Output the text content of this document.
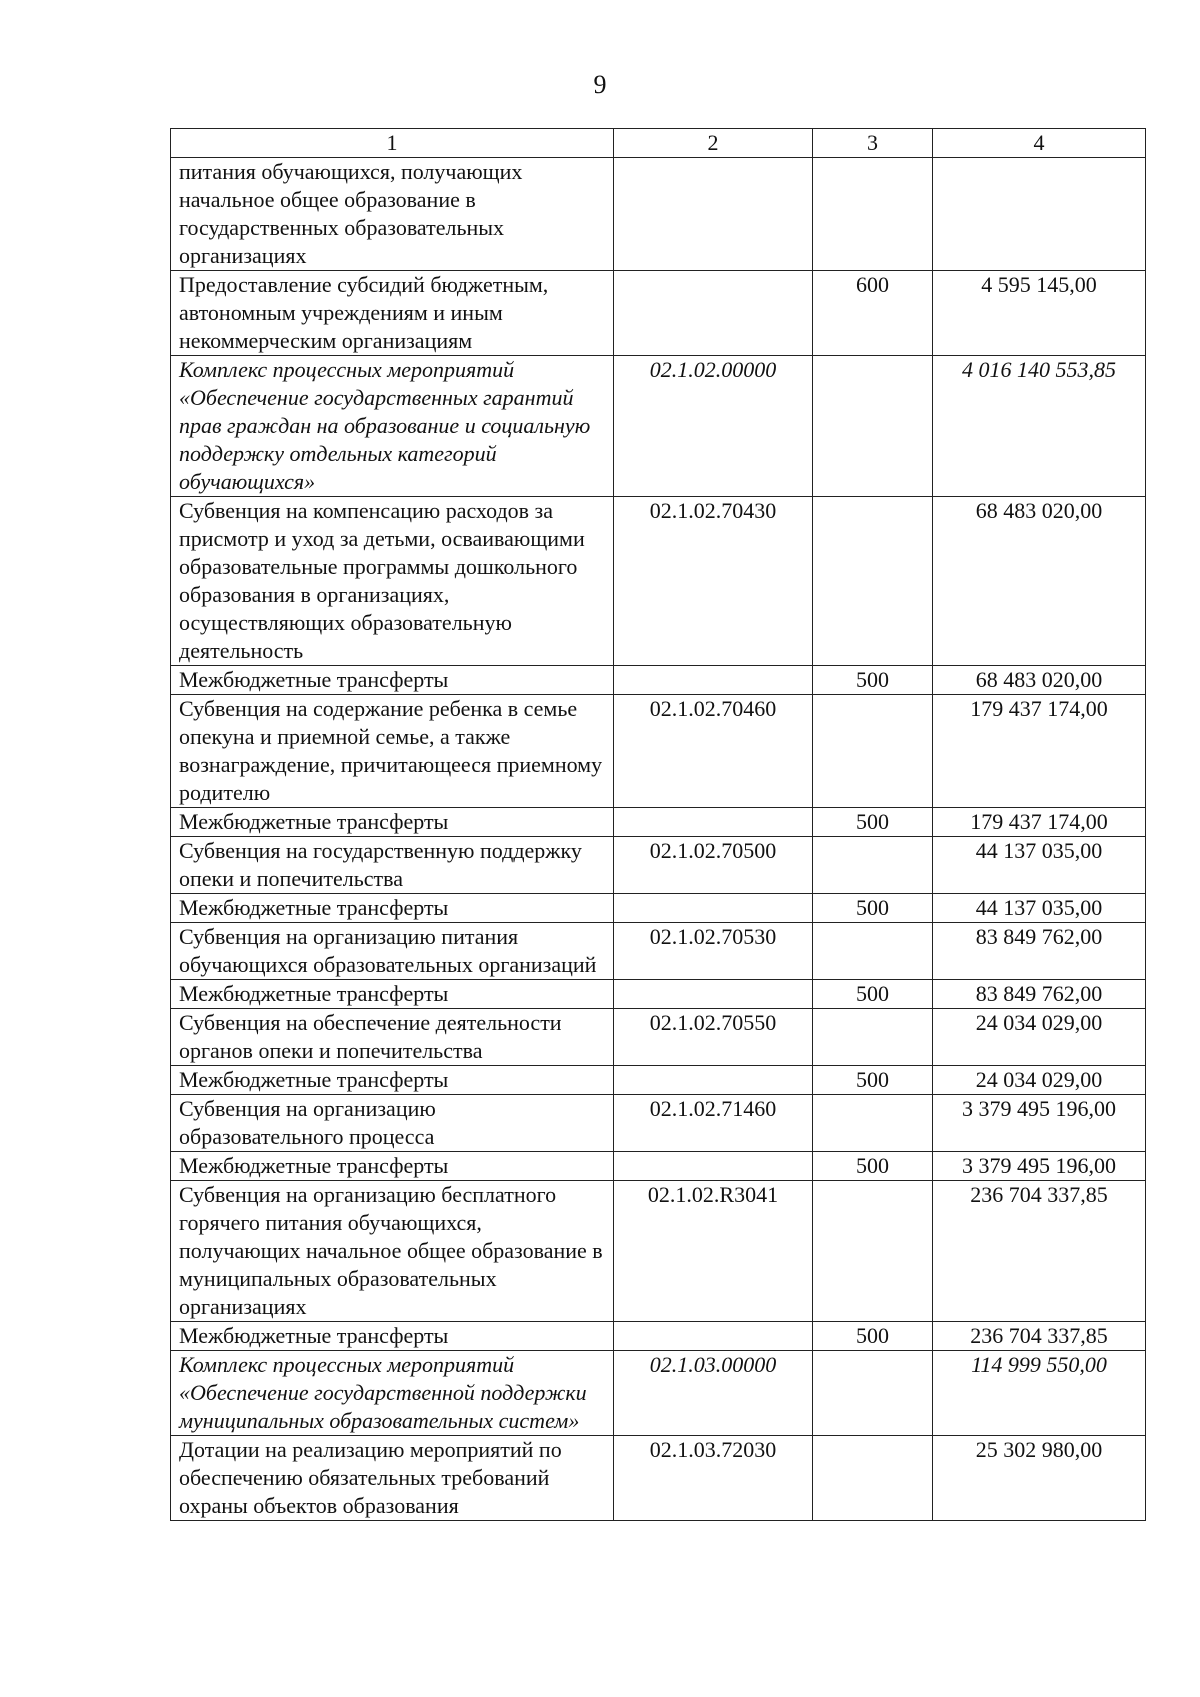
9
1	2	3	4
питания обучающихся, получающих начальное общее образование в государственных образовательных организациях			
Предоставление субсидий бюджетным, автономным учреждениям и иным некоммерческим организациям		600	4 595 145,00
Комплекс процессных мероприятий «Обеспечение государственных гарантий прав граждан на образование и социальную поддержку отдельных категорий обучающихся»	02.1.02.00000		4 016 140 553,85
Субвенция на компенсацию расходов за присмотр и уход за детьми, осваивающими образовательные программы дошкольного образования в организациях, осуществляющих образовательную деятельность	02.1.02.70430		68 483 020,00
Межбюджетные трансферты		500	68 483 020,00
Субвенция на содержание ребенка в семье опекуна и приемной семье, а также вознаграждение, причитающееся приемному родителю	02.1.02.70460		179 437 174,00
Межбюджетные трансферты		500	179 437 174,00
Субвенция на государственную поддержку опеки и попечительства	02.1.02.70500		44 137 035,00
Межбюджетные трансферты		500	44 137 035,00
Субвенция на организацию питания обучающихся образовательных организаций	02.1.02.70530		83 849 762,00
Межбюджетные трансферты		500	83 849 762,00
Субвенция на обеспечение деятельности органов опеки и попечительства	02.1.02.70550		24 034 029,00
Межбюджетные трансферты		500	24 034 029,00
Субвенция на организацию образовательного процесса	02.1.02.71460		3 379 495 196,00
Межбюджетные трансферты		500	3 379 495 196,00
Субвенция на организацию бесплатного горячего питания обучающихся, получающих начальное общее образование в муниципальных образовательных организациях	02.1.02.R3041		236 704 337,85
Межбюджетные трансферты		500	236 704 337,85
Комплекс процессных мероприятий «Обеспечение государственной поддержки муниципальных образовательных систем»	02.1.03.00000		114 999 550,00
Дотации на реализацию мероприятий по обеспечению обязательных требований охраны объектов образования	02.1.03.72030		25 302 980,00
